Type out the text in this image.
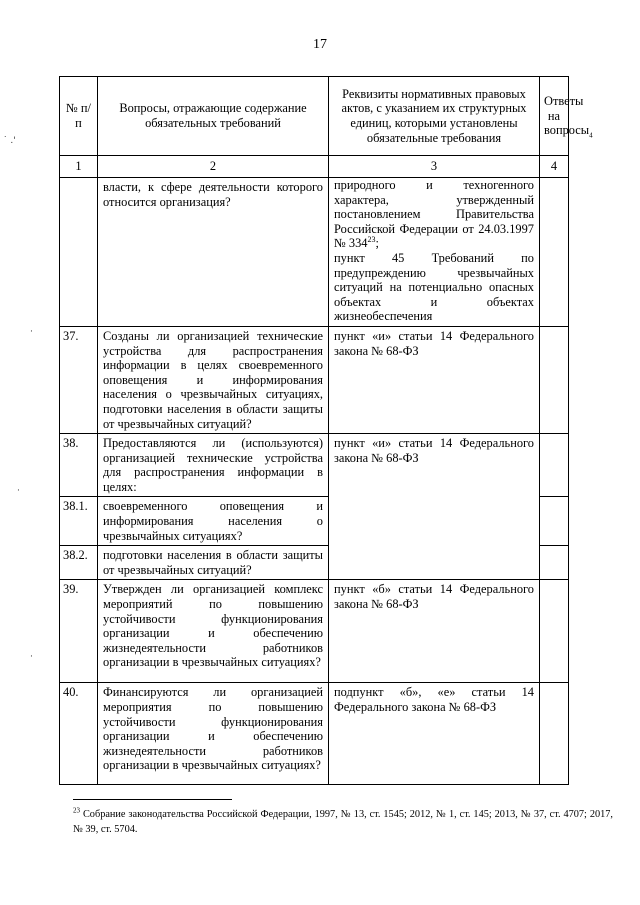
17
№ п/п	Вопросы, отражающие содержание обязательных требований	Реквизиты нормативных правовых актов, с указанием их структурных единиц, которыми установлены обязательные требования	Ответы на вопросы$_4$
1	2	3	4
	власти, к сфере деятельности которого относится организация?	природного и техногенного характера, утвержденный постановлением Правительства Российской Федерации от 24.03.1997 № 334$^{23}$;
пункт 45 Требований по предупреждению чрезвычайных ситуаций на потенциально опасных объектах и объектах жизнеобеспечения	
37.	Созданы ли организацией технические устройства для распространения информации в целях своевременного оповещения и информирования населения о чрезвычайных ситуациях, подготовки населения в области защиты от чрезвычайных ситуаций?	пункт «и» статьи 14 Федерального закона № 68-ФЗ	
38.	Предоставляются ли (используются) организацией технические устройства для распространения информации в целях:	пункт «и» статьи 14 Федерального закона № 68-ФЗ	
38.1.	своевременного оповещения и информирования населения о чрезвычайных ситуациях?		
38.2.	подготовки населения в области защиты от чрезвычайных ситуаций?		
39.	Утвержден ли организацией комплекс мероприятий по повышению устойчивости функционирования организации и обеспечению жизнедеятельности работников организации в чрезвычайных ситуациях?	пункт «б» статьи 14 Федерального закона № 68-ФЗ	
40.	Финансируются ли организацией мероприятия по повышению устойчивости функционирования организации и обеспечению жизнедеятельности работников организации в чрезвычайных ситуациях?	подпункт «б», «е» статьи 14 Федерального закона № 68-ФЗ	
$^{23}$ Собрание законодательства Российской Федерации, 1997, № 13, ст. 1545; 2012, № 1, ст. 145; 2013, № 37, ст. 4707; 2017, № 39, ст. 5704.
˙ .'
·
·
·
